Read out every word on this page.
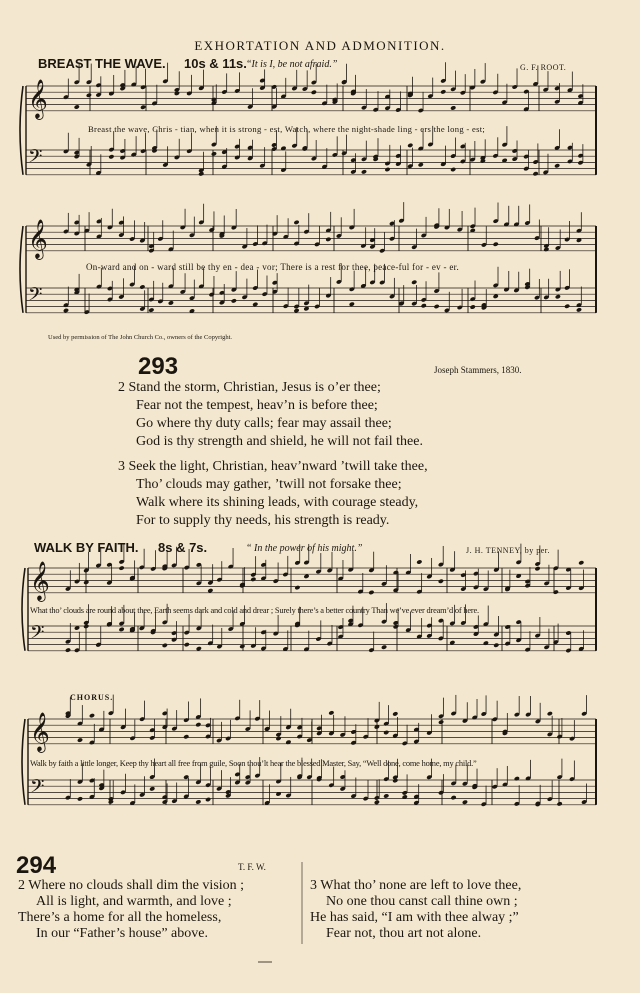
EXHORTATION AND ADMONITION.
BREAST THE WAVE. 10s & 11s. “It is I, be not afraid.”	G. F. ROOT.
Breast the wave, Chris - tian, when it is strong - est, Watch, where the night-shade ling - ers the long - est;
On-ward and on - ward still be thy en - dea - vor; There is a rest for thee, peace-ful for - ev - er.
Used by permission of The John Church Co., owners of the Copyright.
293	Joseph Stammers, 1830.
2 Stand the storm, Christian, Jesus is o’er thee;
Fear not the tempest, heav’n is before thee;
Go where thy duty calls; fear may assail thee;
God is thy strength and shield, he will not fail thee.
3 Seek the light, Christian, heav’nward ’twill take thee,
Tho’ clouds may gather, ’twill not forsake thee;
Walk where its shining leads, with courage steady,
For to supply thy needs, his strength is ready.
WALK BY FAITH. 8s & 7s.	“ In the power of his might.”	J. H. TENNEY, by per.
What tho’ clouds are round about thee, Earth seems dark and cold and drear ; Surely there’s a better country Than we’ve ever dream’d of here.
CHORUS.
Walk by faith a little longer, Keep thy heart all free from guile, Soon thou’lt hear the blessed Master, Say, “Well done, come home, my child.”
294	T. F. W.
2 Where no clouds shall dim the vision ;
All is light, and warmth, and love ;
There’s a home for all the homeless,
In our “Father’s house” above.
3 What tho’ none are left to love thee,
No one thou canst call thine own ;
He has said, “I am with thee alway ;”
Fear not, thou art not alone.
𝄞
𝄢
𝄞
𝄢
𝄞
𝄢
𝄞
𝄢
